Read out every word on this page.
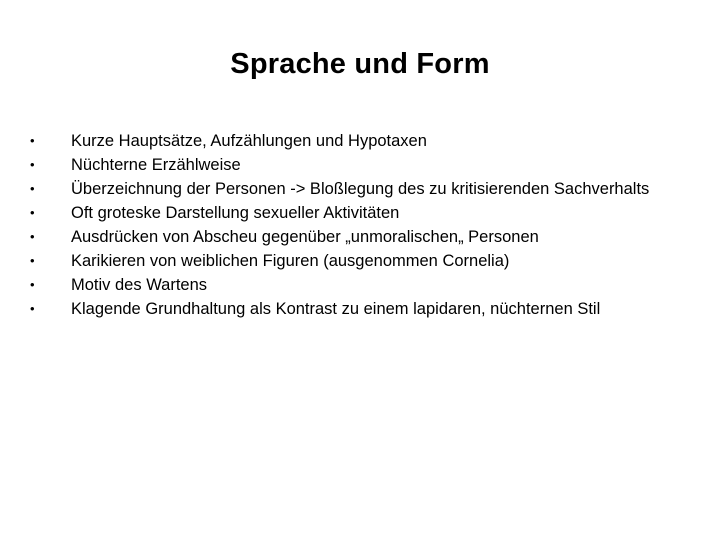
Sprache und Form
•	Kurze Hauptsätze, Aufzählungen und Hypotaxen
•	Nüchterne Erzählweise
•	Überzeichnung der Personen -> Bloßlegung des zu kritisierenden Sachverhalts
•	Oft groteske Darstellung sexueller Aktivitäten
•	Ausdrücken von Abscheu gegenüber „unmoralischen„ Personen
•	Karikieren von weiblichen Figuren (ausgenommen Cornelia)
•	Motiv des Wartens
•	Klagende Grundhaltung als Kontrast zu einem lapidaren, nüchternen Stil
